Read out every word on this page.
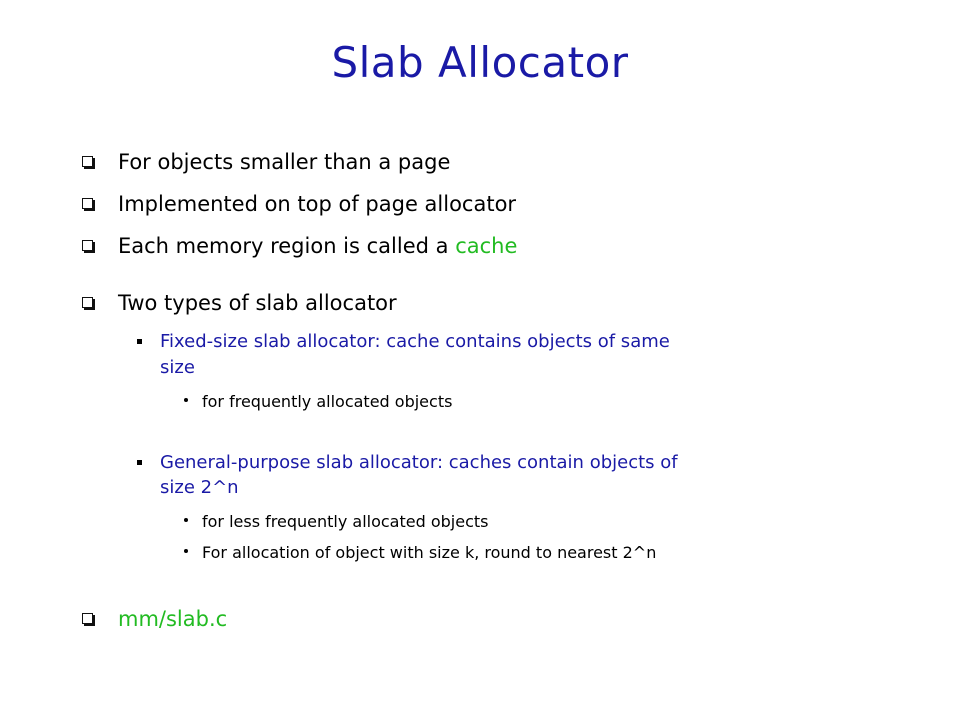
Slab Allocator
For objects smaller than a page
Implemented on top of page allocator
Each memory region is called a cache
Two types of slab allocator
Fixed-size slab allocator: cache contains objects of same
size
for frequently allocated objects
General-purpose slab allocator: caches contain objects of
size 2^n
for less frequently allocated objects
For allocation of object with size k, round to nearest 2^n
mm/slab.c
